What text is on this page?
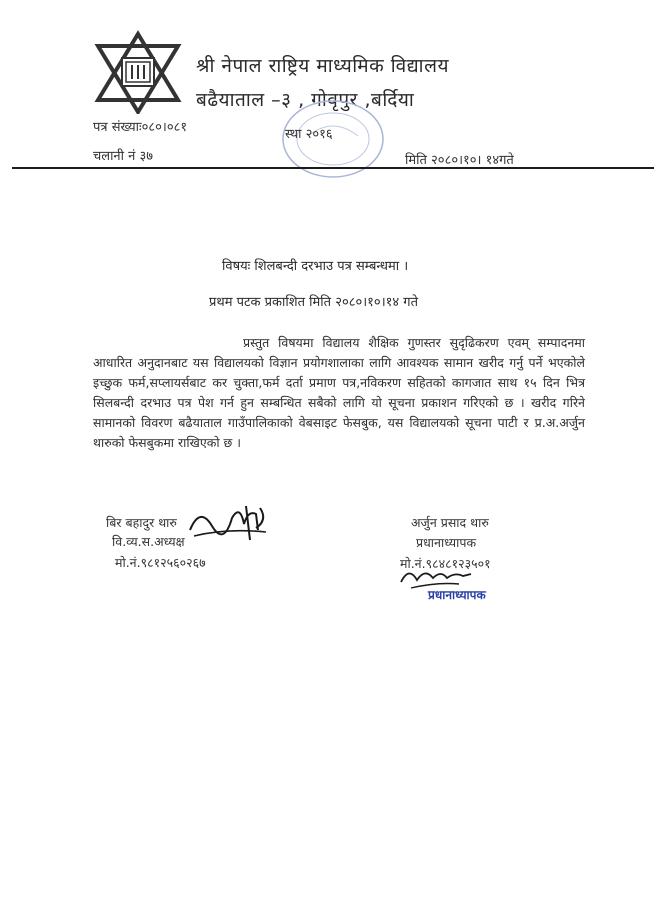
श्री नेपाल राष्ट्रिय माध्यमिक विद्यालय
बढैयाताल –३ , गोवृपुर ,बर्दिया
पत्र संख्याः०८०।०८१	स्था २०१६
चलानी नं ३७	मिति २०८०।१०। १४गते
विषयः शिलबन्दी दरभाउ पत्र सम्बन्धमा ।
प्रथम पटक प्रकाशित मिति २०८०।१०।१४ गते
प्रस्तुत विषयमा विद्यालय शैक्षिक गुणस्तर सुदृढिकरण एवम् सम्पादनमा आधारित अनुदानबाट यस विद्यालयको विज्ञान प्रयोगशालाका लागि आवश्यक सामान खरीद गर्नु पर्ने भएकोले इच्छुक फर्म,सप्लायर्सबाट कर चुक्ता,फर्म दर्ता प्रमाण पत्र,नविकरण सहितको कागजात साथ १५ दिन भित्र सिलबन्दी दरभाउ पत्र पेश गर्न हुन सम्बन्धित सबैको लागि यो सूचना प्रकाशन गरिएको छ । खरीद गरिने सामानको विवरण बढैयाताल गाउँपालिकाको वेबसाइट फेसबुक, यस विद्यालयको सूचना पाटी र प्र.अ.अर्जुन थारुको फेसबुकमा राखिएको छ ।
बिर बहादुर थारु
वि.व्य.स.अध्यक्ष
मो.नं.९८१२५६०२६७
अर्जुन प्रसाद थारु
प्रधानाध्यापक
मो.नं.९८४८१२३५०१
प्रधानाध्यापक
